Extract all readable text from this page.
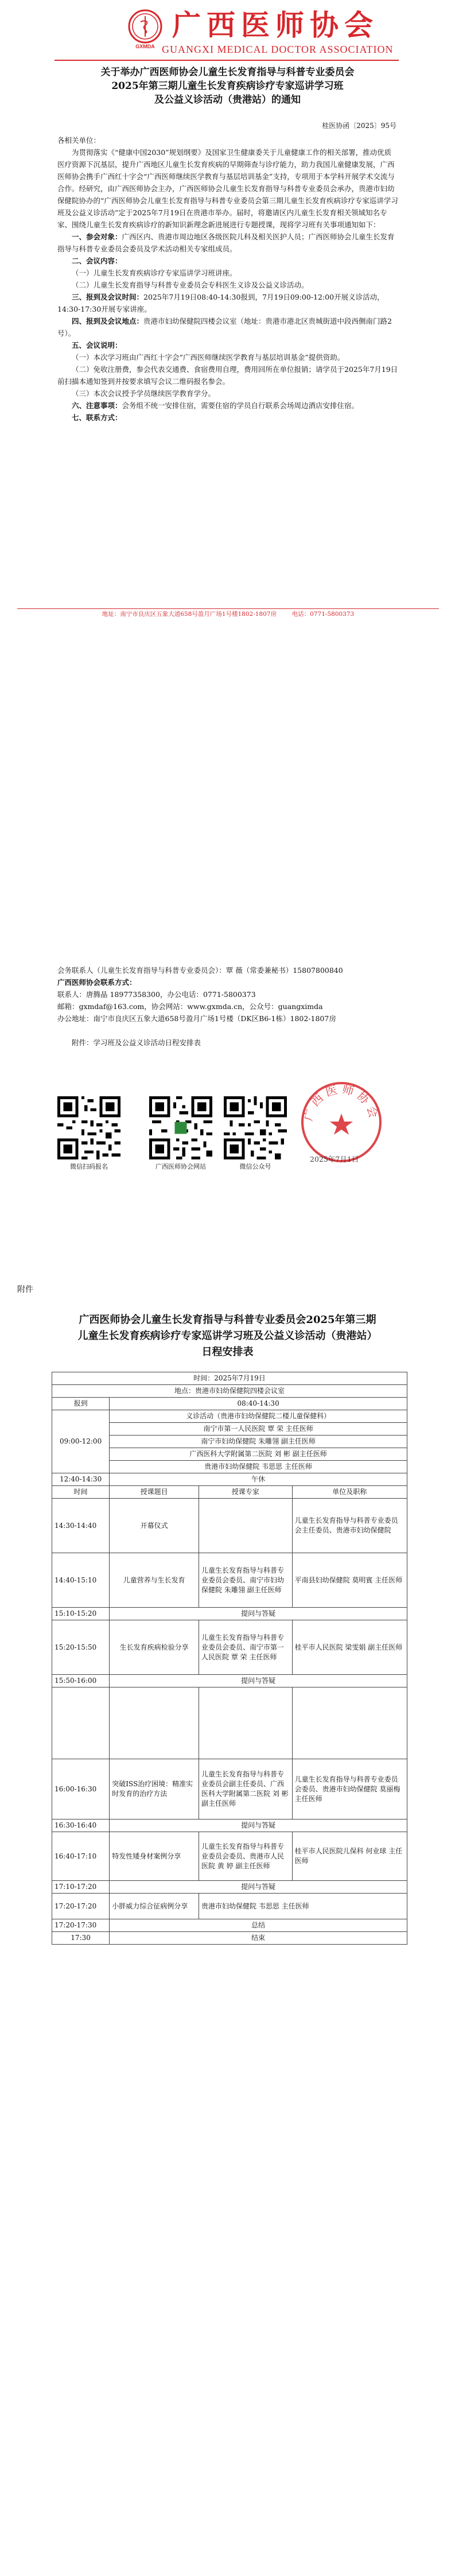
GXMDA
广西医师协会
GUANGXI MEDICAL DOCTOR ASSOCIATION
关于举办广西医师协会儿童生长发育指导与科普专业委员会
2025年第三期儿童生长发育疾病诊疗专家巡讲学习班
及公益义诊活动（贵港站）的通知
桂医协函〔2025〕95号

各相关单位：

为贯彻落实《“健康中国2030”规划纲要》及国家卫生健康委关于儿童健康工作的相关部署，推动优质医疗资源下沉基层，提升广西地区儿童生长发育疾病的早期筛查与诊疗能力，助力我国儿童健康发展，广西医师协会携手广西红十字会“广西医师继续医学教育与基层培训基金”支持，专项用于本学科开展学术交流与合作。经研究，由广西医师协会主办，广西医师协会儿童生长发育指导与科普专业委员会承办，贵港市妇幼保健院协办的“广西医师协会儿童生长发育指导与科普专业委员会第三期儿童生长发育疾病诊疗专家巡讲学习班及公益义诊活动”定于2025年7月19日在贵港市举办。届时，将邀请区内儿童生长发育相关领域知名专家、围绕儿童生长发育疾病诊疗的新知识新理念新进展进行专题授课，现将学习班有关事项通知如下：

一、参会对象：广西区内、贵港市周边地区各级医院儿科及相关医护人员；广西医师协会儿童生长发育指导与科普专业委员会委员及学术活动相关专家组成员。

二、会议内容：

（一）儿童生长发育疾病诊疗专家巡讲学习班讲座。

（二）儿童生长发育指导与科普专业委员会专科医生义诊及公益义诊活动。

三、报到及会议时间：2025年7月19日08:40-14:30报到，7月19日09:00-12:00开展义诊活动，14:30-17:30开展专家讲座。

四、报到及会议地点：贵港市妇幼保健院四楼会议室（地址：贵港市港北区贵城街道中段西侧南门路2号）。

五、会议说明：

（一）本次学习班由广西红十字会“广西医师继续医学教育与基层培训基金”提供资助。

（二）免收注册费，参会代表交通费、食宿费用自理，费用回所在单位报销；请学员于2025年7月19日前扫描本通知签到并按要求填写会议二维码报名参会。

（三）本次会议授予学员继续医学教育学分。

六、注意事项：会务组不统一安排住宿，需要住宿的学员自行联系会场周边酒店安排住宿。

七、联系方式：

地址：南宁市良庆区五象大道658号盈月广场1号楼1802-1807房	电话：0771-5800373

会务联系人（儿童生长发育指导与科普专业委员会）：覃 薇（常委兼秘书）15807800840

广西医师协会联系方式：

联系人：唐腾晶 18977358300，办公电话：0771-5800373

邮箱：gxmdaf@163.com，协会网站：www.gxmda.cn，公众号：guangximda

办公地址：南宁市良庆区五象大道658号盈月广场1号楼（DK区B6-1栋）1802-1807房

附件：学习班及公益义诊活动日程安排表

微信扫码报名	广西医师协会网站	微信公众号
广西医师协会
2025年7月1日
附件
广西医师协会儿童生长发育指导与科普专业委员会2025年第三期
儿童生长发育疾病诊疗专家巡讲学习班及公益义诊活动（贵港站）
日程安排表
时间：2025年7月19日			
地点：贵港市妇幼保健院四楼会议室			
报到	08:40-14:30		
09:00-12:00	义诊活动（贵港市妇幼保健院二楼儿童保健科）		
	南宁市第一人民医院 覃 荣 主任医师		
	南宁市妇幼保健院 朱雕翎 副主任医师		
	广西医科大学附属第二医院 刘 彬 副主任医师		
	贵港市妇幼保健院 韦思思 主任医师		
12:40-14:30	午休		
时间	授课题目	授课专家	单位及职称
14:30-14:40	开幕仪式		儿童生长发育指导与科普专业委员会主任委员、贵港市妇幼保健院
14:40-15:10	儿童营养与生长发育	儿童生长发育指导与科普专业委员会委员、南宁市妇幼保健院 朱雕翎 副主任医师	平南县妇幼保健院 莫明賓 主任医师
15:10-15:20	提问与答疑		
15:20-15:50	生长发育疾病检验分享	儿童生长发育指导与科普专业委员会委员、南宁市第一人民医院 覃 荣 主任医师	桂平市人民医院 梁雯娟 副主任医师
15:50-16:00	提问与答疑		

16:00-16:30	突破ISS治疗困境：精准实时发育的治疗方法	儿童生长发育指导与科普专业委员会副主任委员、广西医科大学附属第二医院 刘 彬 副主任医师	儿童生长发育指导与科普专业委员会委员、贵港市妇幼保健院 莫丽梅 主任医师
16:30-16:40	提问与答疑		
16:40-17:10	特发性矮身材案例分享	儿童生长发育指导与科普专业委员会委员、贵港市人民医院 黄 婷 副主任医师	桂平市人民医院儿保科 何业球 主任医师
17:10-17:20	提问与答疑		
17:20-17:20	小胖威力综合征病例分享	贵港市妇幼保健院 韦思思 主任医师	
17:20-17:30	总结		
17:30	结束		
